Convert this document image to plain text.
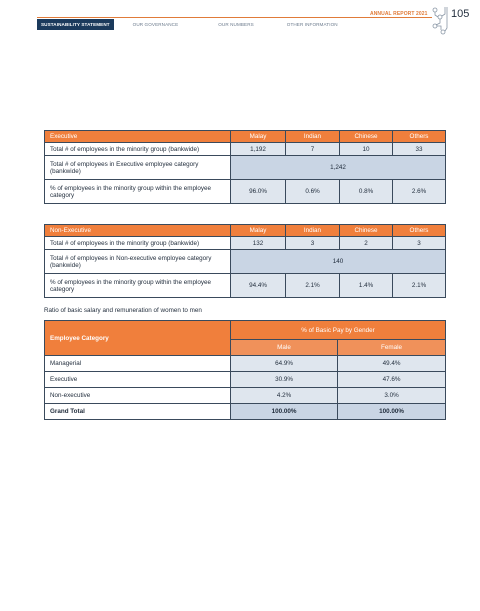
SUSTAINABILITY STATEMENT	OUR GOVERNANCE	OUR NUMBERS	OTHER INFORMATION
ANNUAL REPORT 2021 105
Executive	Malay	Indian	Chinese	Others
Total # of employees in the minority group (bankwide)	1,192	7	10	33
Total # of employees in Executive employee category (bankwide)	1,242			
% of employees in the minority group within the employee category	96.0%	0.6%	0.8%	2.6%
Non-Executive	Malay	Indian	Chinese	Others
Total # of employees in the minority group (bankwide)	132	3	2	3
Total # of employees in Non-executive employee category (bankwide)	140			
% of employees in the minority group within the employee category	94.4%	2.1%	1.4%	2.1%
Ratio of basic salary and remuneration of women to men
Employee Category	% of Basic Pay by Gender	
	Male	Female
Managerial	64.9%	49.4%
Executive	30.9%	47.6%
Non-executive	4.2%	3.0%
Grand Total	100.00%	100.00%
